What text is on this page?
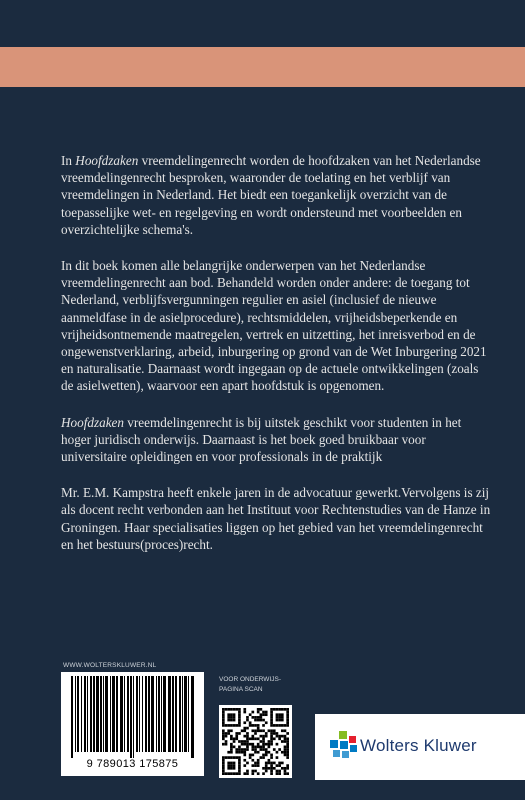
In Hoofdzaken vreemdelingenrecht worden de hoofdzaken van het Nederlandse vreemdelingenrecht besproken, waaronder de toelating en het verblijf van vreemdelingen in Nederland. Het biedt een toegankelijk overzicht van de toepasselijke wet- en regelgeving en wordt ondersteund met voorbeelden en overzichtelijke schema's.

In dit boek komen alle belangrijke onderwerpen van het Nederlandse vreemdelingenrecht aan bod. Behandeld worden onder andere: de toegang tot Nederland, verblijfsvergunningen regulier en asiel (inclusief de nieuwe aanmeldfase in de asielprocedure), rechtsmiddelen, vrijheidsbeperkende en vrijheidsontnemende maatregelen, vertrek en uitzetting, het inreisverbod en de ongewenstverklaring, arbeid, inburgering op grond van de Wet Inburgering 2021 en naturalisatie. Daarnaast wordt ingegaan op de actuele ontwikkelingen (zoals de asielwetten), waarvoor een apart hoofdstuk is opgenomen.

Hoofdzaken vreemdelingenrecht is bij uitstek geschikt voor studenten in het hoger juridisch onderwijs. Daarnaast is het boek goed bruikbaar voor universitaire opleidingen en voor professionals in de praktijk

Mr. E.M. Kampstra heeft enkele jaren in de advocatuur gewerkt.Vervolgens is zij als docent recht verbonden aan het Instituut voor Rechtenstudies van de Hanze in Groningen. Haar specialisaties liggen op het gebied van het vreemdelingenrecht en het bestuurs(proces)recht.

WWW.WOLTERSKLUWER.NL
9 789013 175875
VOOR ONDERWIJS- PAGINA SCAN
Wolters Kluwer
